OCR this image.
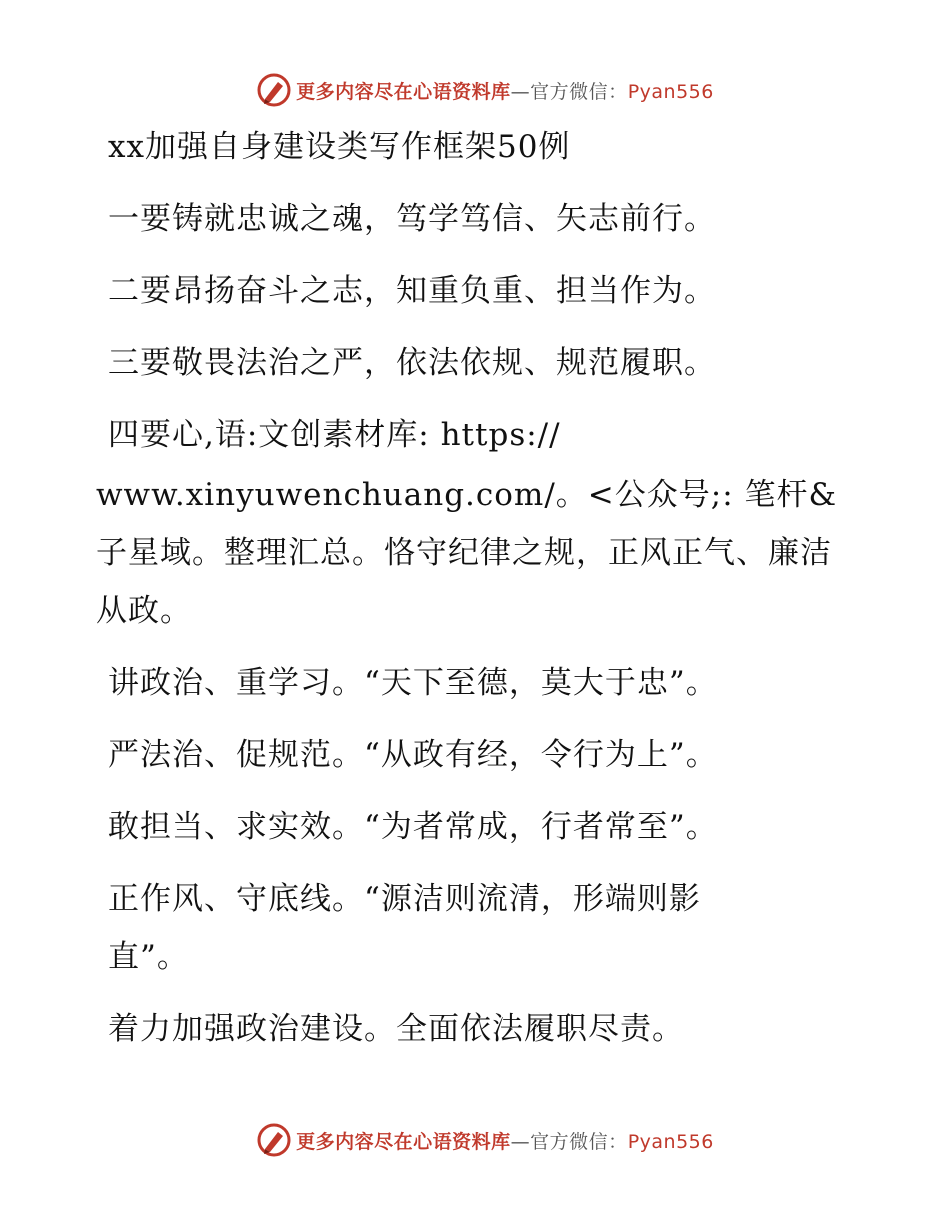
更多内容尽在心语资料库—官方微信：Pyan556

xx加强自身建设类写作框架50例

一要铸就忠诚之魂，笃学笃信、矢志前行。

二要昂扬奋斗之志，知重负重、担当作为。

三要敬畏法治之严，依法依规、规范履职。

四要心,语:文创素材库: https://

www.xinyuwenchuang.com/。<公众号;: 笔杆&子星域。整理汇总。恪守纪律之规，正风正气、廉洁从政。

讲政治、重学习。“天下至德，莫大于忠”。

严法治、促规范。“从政有经，令行为上”。

敢担当、求实效。“为者常成，行者常至”。

正作风、守底线。“源洁则流清，形端则影直”。

着力加强政治建设。全面依法履职尽责。

更多内容尽在心语资料库—官方微信：Pyan556
